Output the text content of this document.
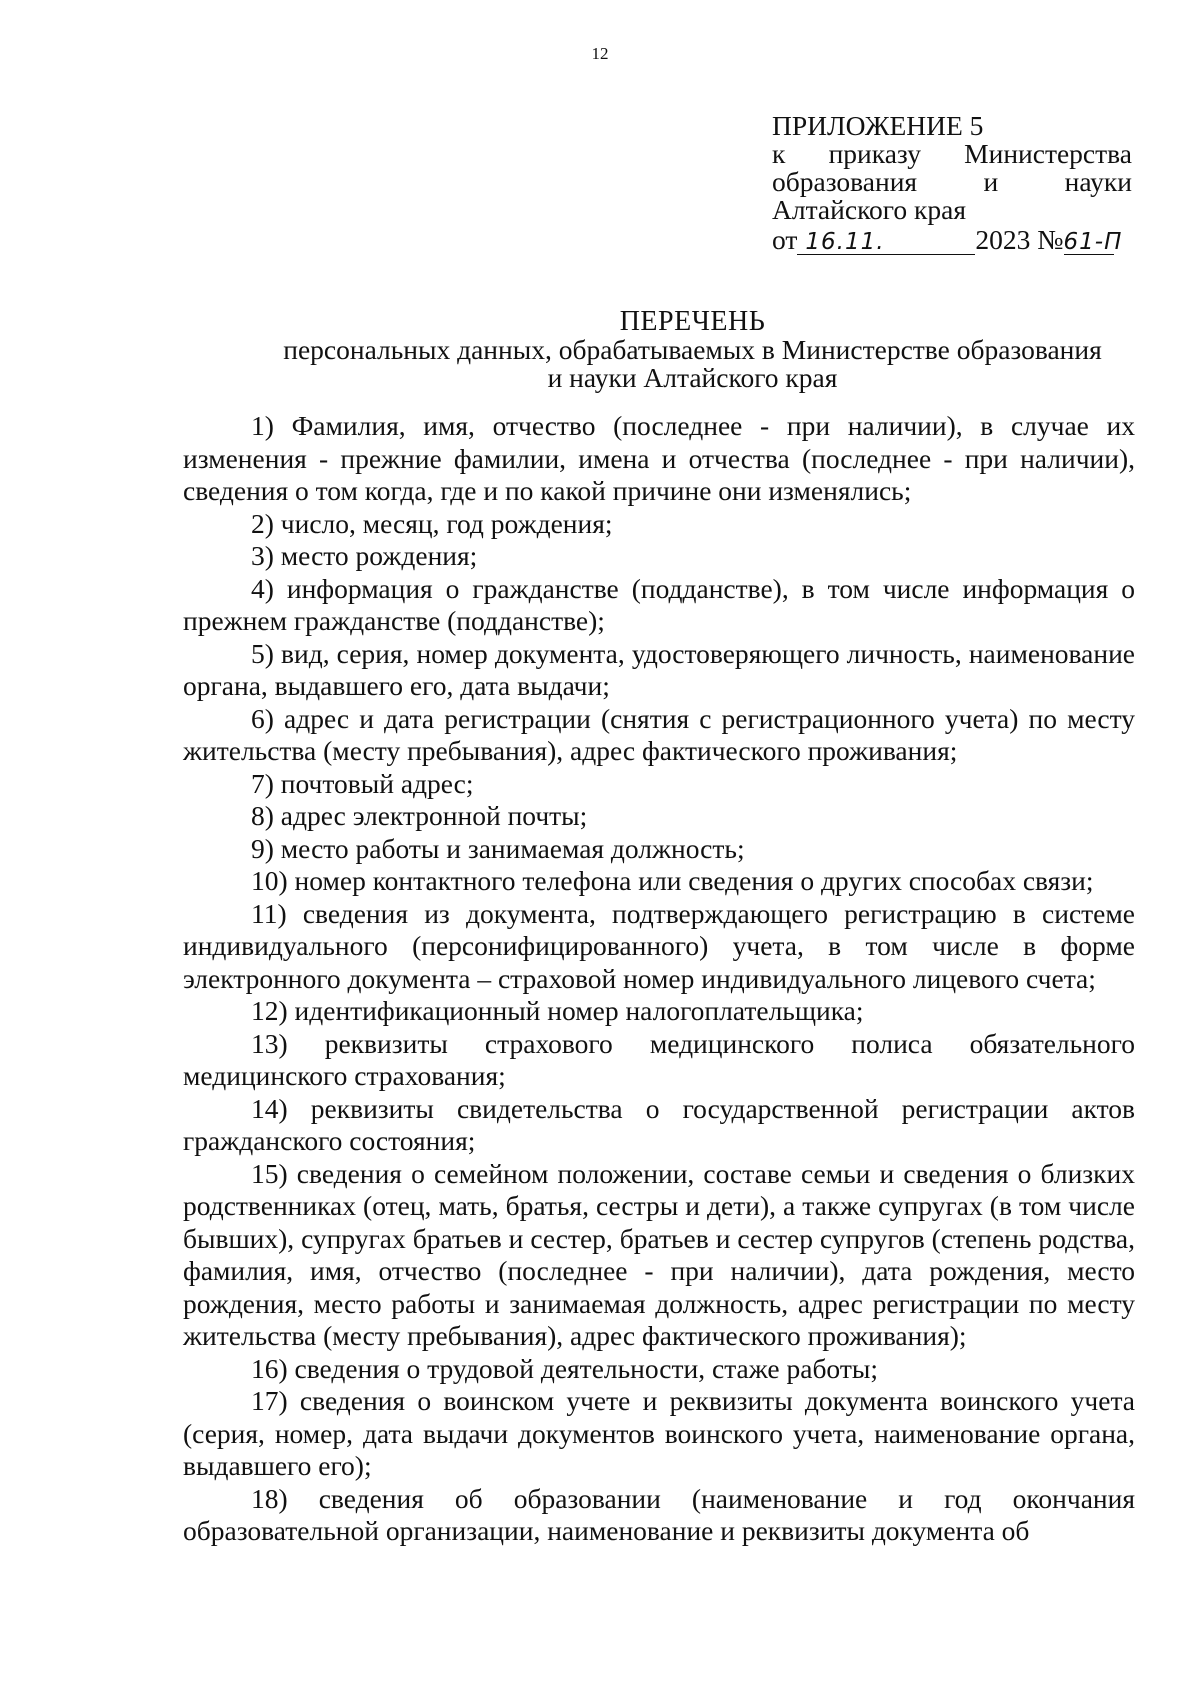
12
ПРИЛОЖЕНИЕ 5
к приказу Министерства
образования и науки
Алтайского края
от 16.11.	2023 № 61-П
ПЕРЕЧЕНЬ
персональных данных, обрабатываемых в Министерстве образования
и науки Алтайского края

1) Фамилия, имя, отчество (последнее - при наличии), в случае их изменения - прежние фамилии, имена и отчества (последнее - при наличии), сведения о том когда, где и по какой причине они изменялись;

2) число, месяц, год рождения;

3) место рождения;

4) информация о гражданстве (подданстве), в том числе информация о прежнем гражданстве (подданстве);

5) вид, серия, номер документа, удостоверяющего личность, наименование органа, выдавшего его, дата выдачи;

6) адрес и дата регистрации (снятия с регистрационного учета) по месту жительства (месту пребывания), адрес фактического проживания;

7) почтовый адрес;

8) адрес электронной почты;

9) место работы и занимаемая должность;

10) номер контактного телефона или сведения о других способах связи;

11) сведения из документа, подтверждающего регистрацию в системе индивидуального (персонифицированного) учета, в том числе в форме электронного документа – страховой номер индивидуального лицевого счета;

12) идентификационный номер налогоплательщика;

13) реквизиты страхового медицинского полиса обязательного медицинского страхования;

14) реквизиты свидетельства о государственной регистрации актов гражданского состояния;

15) сведения о семейном положении, составе семьи и сведения о близких родственниках (отец, мать, братья, сестры и дети), а также супругах (в том числе бывших), супругах братьев и сестер, братьев и сестер супругов (степень родства, фамилия, имя, отчество (последнее - при наличии), дата рождения, место рождения, место работы и занимаемая должность, адрес регистрации по месту жительства (месту пребывания), адрес фактического проживания);

16) сведения о трудовой деятельности, стаже работы;

17) сведения о воинском учете и реквизиты документа воинского учета (серия, номер, дата выдачи документов воинского учета, наименование органа, выдавшего его);

18) сведения об образовании (наименование и год окончания образовательной организации, наименование и реквизиты документа об
